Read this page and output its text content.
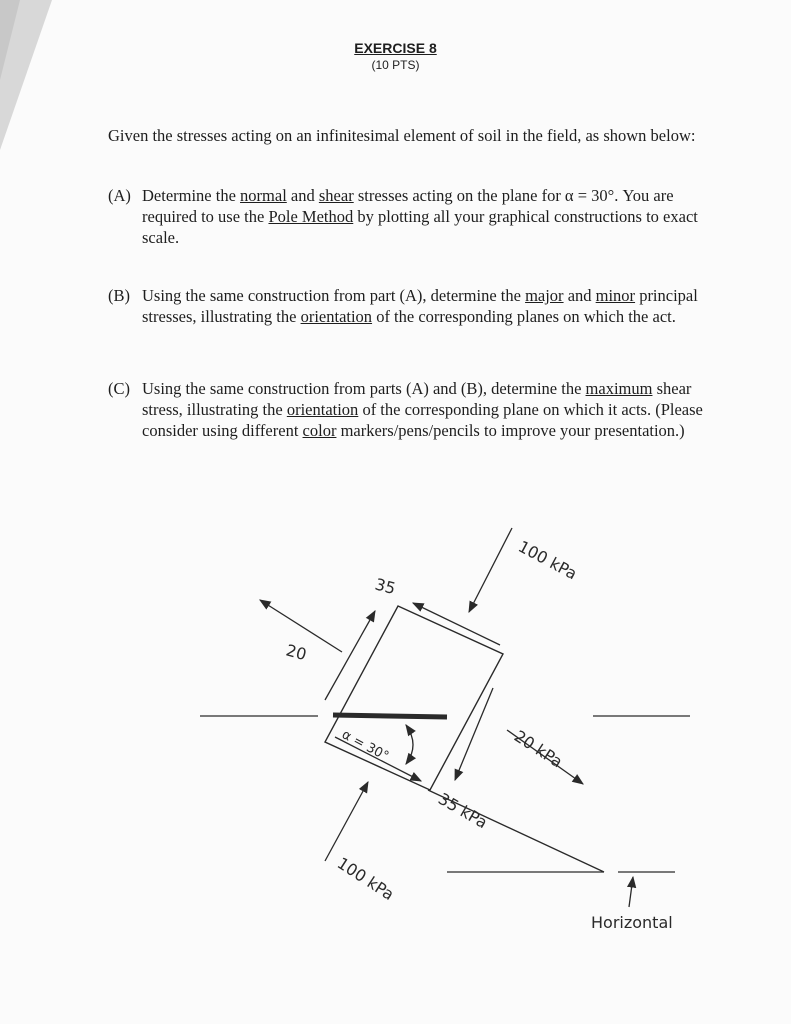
EXERCISE 8
(10 PTS)
Given the stresses acting on an infinitesimal element of soil in the field, as shown below:
(A) Determine the normal and shear stresses acting on the plane for α = 30°. You are required to use the Pole Method by plotting all your graphical constructions to exact scale.
(B) Using the same construction from part (A), determine the major and minor principal stresses, illustrating the orientation of the corresponding planes on which the act.
(C) Using the same construction from parts (A) and (B), determine the maximum shear stress, illustrating the orientation of the corresponding plane on which it acts. (Please consider using different color markers/pens/pencils to improve your presentation.)
100 kPa
35
20
α = 30°	20 kPa
35 kPa
100 kPa
Horizontal
